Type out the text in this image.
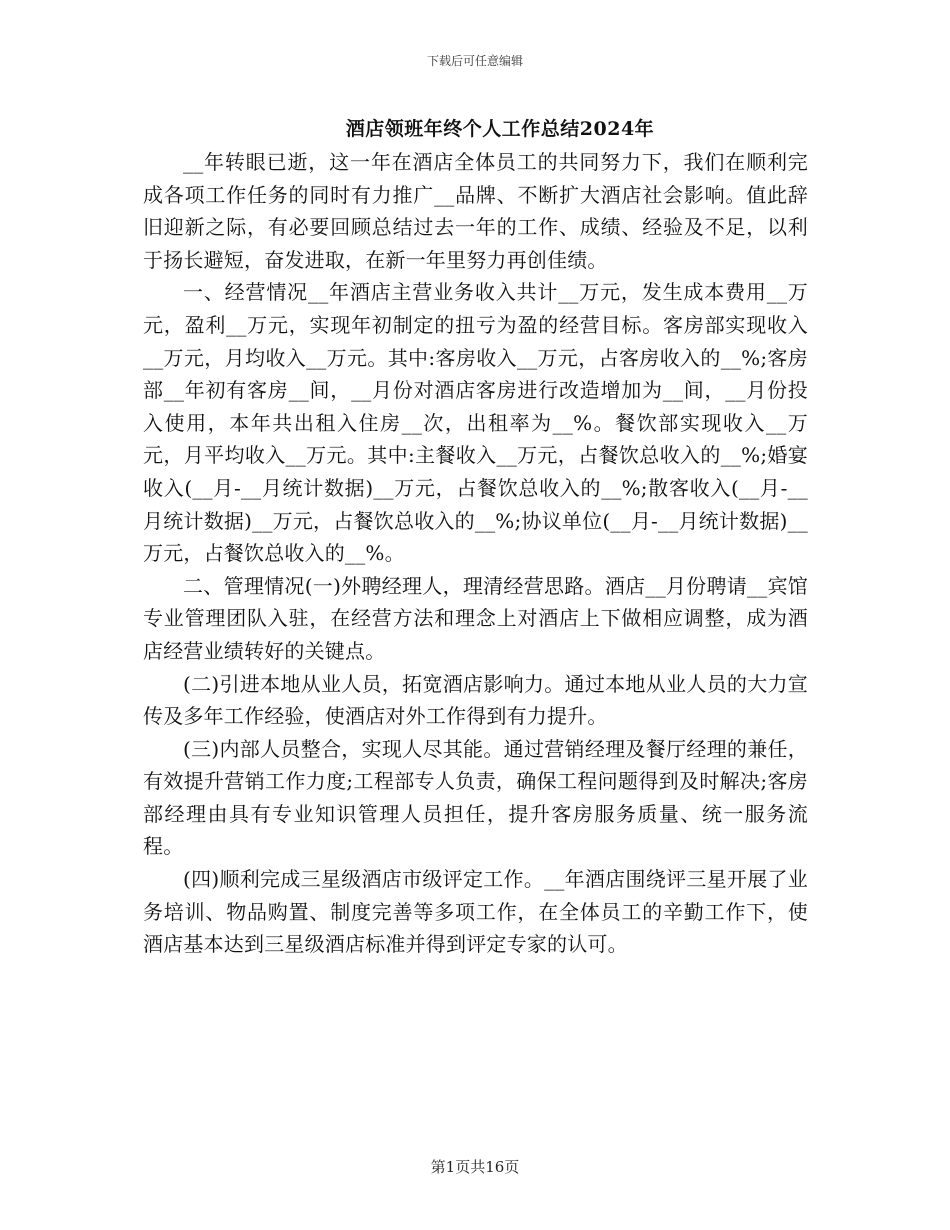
下载后可任意编辑
酒店领班年终个人工作总结2024年

__年转眼已逝，这一年在酒店全体员工的共同努力下，我们在顺利完成各项工作任务的同时有力推广__品牌、不断扩大酒店社会影响。值此辞旧迎新之际，有必要回顾总结过去一年的工作、成绩、经验及不足，以利于扬长避短，奋发进取，在新一年里努力再创佳绩。

一、经营情况__年酒店主营业务收入共计__万元，发生成本费用__万元，盈利__万元，实现年初制定的扭亏为盈的经营目标。客房部实现收入__万元，月均收入__万元。其中:客房收入__万元，占客房收入的__%;客房部__年初有客房__间，__月份对酒店客房进行改造增加为__间，__月份投入使用，本年共出租入住房__次，出租率为__%。餐饮部实现收入__万元，月平均收入__万元。其中:主餐收入__万元，占餐饮总收入的__%;婚宴收入(__月-__月统计数据)__万元，占餐饮总收入的__%;散客收入(__月-__月统计数据)__万元，占餐饮总收入的__%;协议单位(__月-__月统计数据)__万元，占餐饮总收入的__%。

二、管理情况(一)外聘经理人，理清经营思路。酒店__月份聘请__宾馆专业管理团队入驻，在经营方法和理念上对酒店上下做相应调整，成为酒店经营业绩转好的关键点。

(二)引进本地从业人员，拓宽酒店影响力。通过本地从业人员的大力宣传及多年工作经验，使酒店对外工作得到有力提升。

(三)内部人员整合，实现人尽其能。通过营销经理及餐厅经理的兼任，有效提升营销工作力度;工程部专人负责，确保工程问题得到及时解决;客房部经理由具有专业知识管理人员担任，提升客房服务质量、统一服务流程。

(四)顺利完成三星级酒店市级评定工作。__年酒店围绕评三星开展了业务培训、物品购置、制度完善等多项工作，在全体员工的辛勤工作下，使酒店基本达到三星级酒店标准并得到评定专家的认可。

第1页共16页
